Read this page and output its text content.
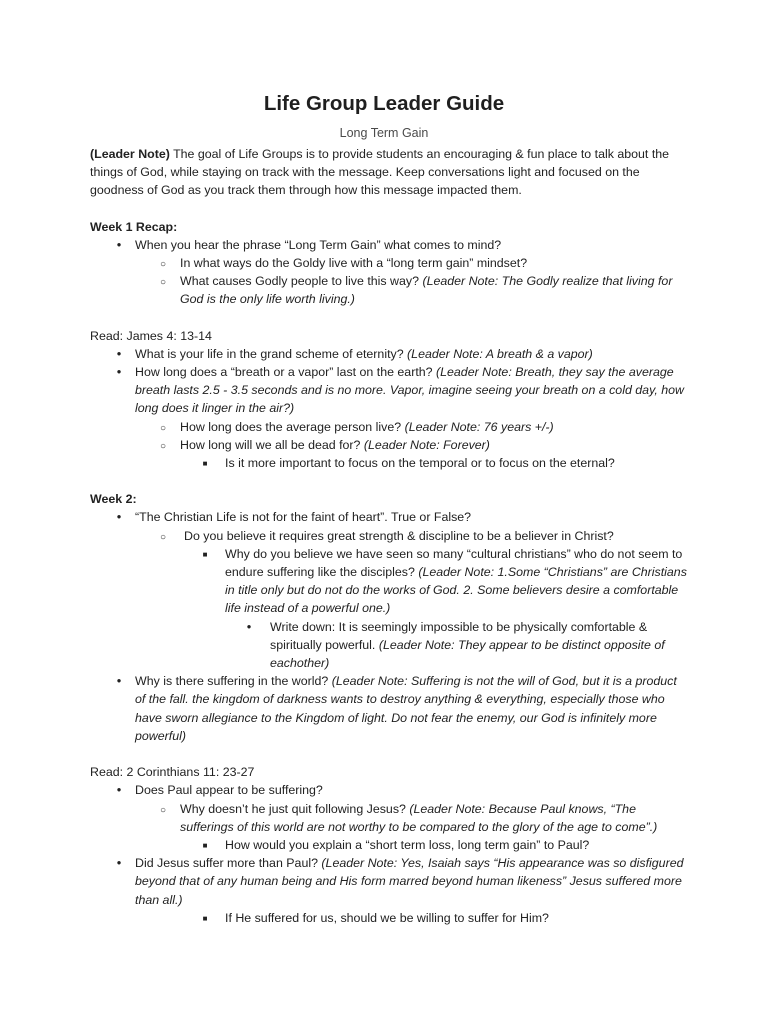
Life Group Leader Guide
Long Term Gain

(Leader Note) The goal of Life Groups is to provide students an encouraging & fun place to talk about the things of God, while staying on track with the message. Keep conversations light and focused on the goodness of God as you track them through how this message impacted them.

Week 1 Recap:

●
When you hear the phrase “Long Term Gain” what comes to mind?
○
In what ways do the Goldy live with a “long term gain” mindset?
○
What causes Godly people to live this way? (Leader Note: The Godly realize that living for God is the only life worth living.)

Read: James 4: 13-14

●
What is your life in the grand scheme of eternity? (Leader Note: A breath & a vapor)
●
How long does a “breath or a vapor” last on the earth? (Leader Note: Breath, they say the average breath lasts 2.5 - 3.5 seconds and is no more. Vapor, imagine seeing your breath on a cold day, how long does it linger in the air?)
○
How long does the average person live? (Leader Note: 76 years +/-)
○
How long will we all be dead for? (Leader Note: Forever)
■
Is it more important to focus on the temporal or to focus on the eternal?

Week 2:

●
“The Christian Life is not for the faint of heart”. True or False?
○
Do you believe it requires great strength & discipline to be a believer in Christ?
■
Why do you believe we have seen so many “cultural christians” who do not seem to endure suffering like the disciples? (Leader Note: 1.Some “Christians” are Christians in title only but do not do the works of God. 2. Some believers desire a comfortable life instead of a powerful one.)
●
Write down: It is seemingly impossible to be physically comfortable & spiritually powerful. (Leader Note: They appear to be distinct opposite of eachother)
●
Why is there suffering in the world? (Leader Note: Suffering is not the will of God, but it is a product of the fall. the kingdom of darkness wants to destroy anything & everything, especially those who have sworn allegiance to the Kingdom of light. Do not fear the enemy, our God is infinitely more powerful)

Read: 2 Corinthians 11: 23-27

●
Does Paul appear to be suffering?
○
Why doesn’t he just quit following Jesus? (Leader Note: Because Paul knows, “The sufferings of this world are not worthy to be compared to the glory of the age to come”.)
■
How would you explain a “short term loss, long term gain” to Paul?
●
Did Jesus suffer more than Paul? (Leader Note: Yes, Isaiah says “His appearance was so disfigured beyond that of any human being and His form marred beyond human likeness” Jesus suffered more than all.)
■
If He suffered for us, should we be willing to suffer for Him?
